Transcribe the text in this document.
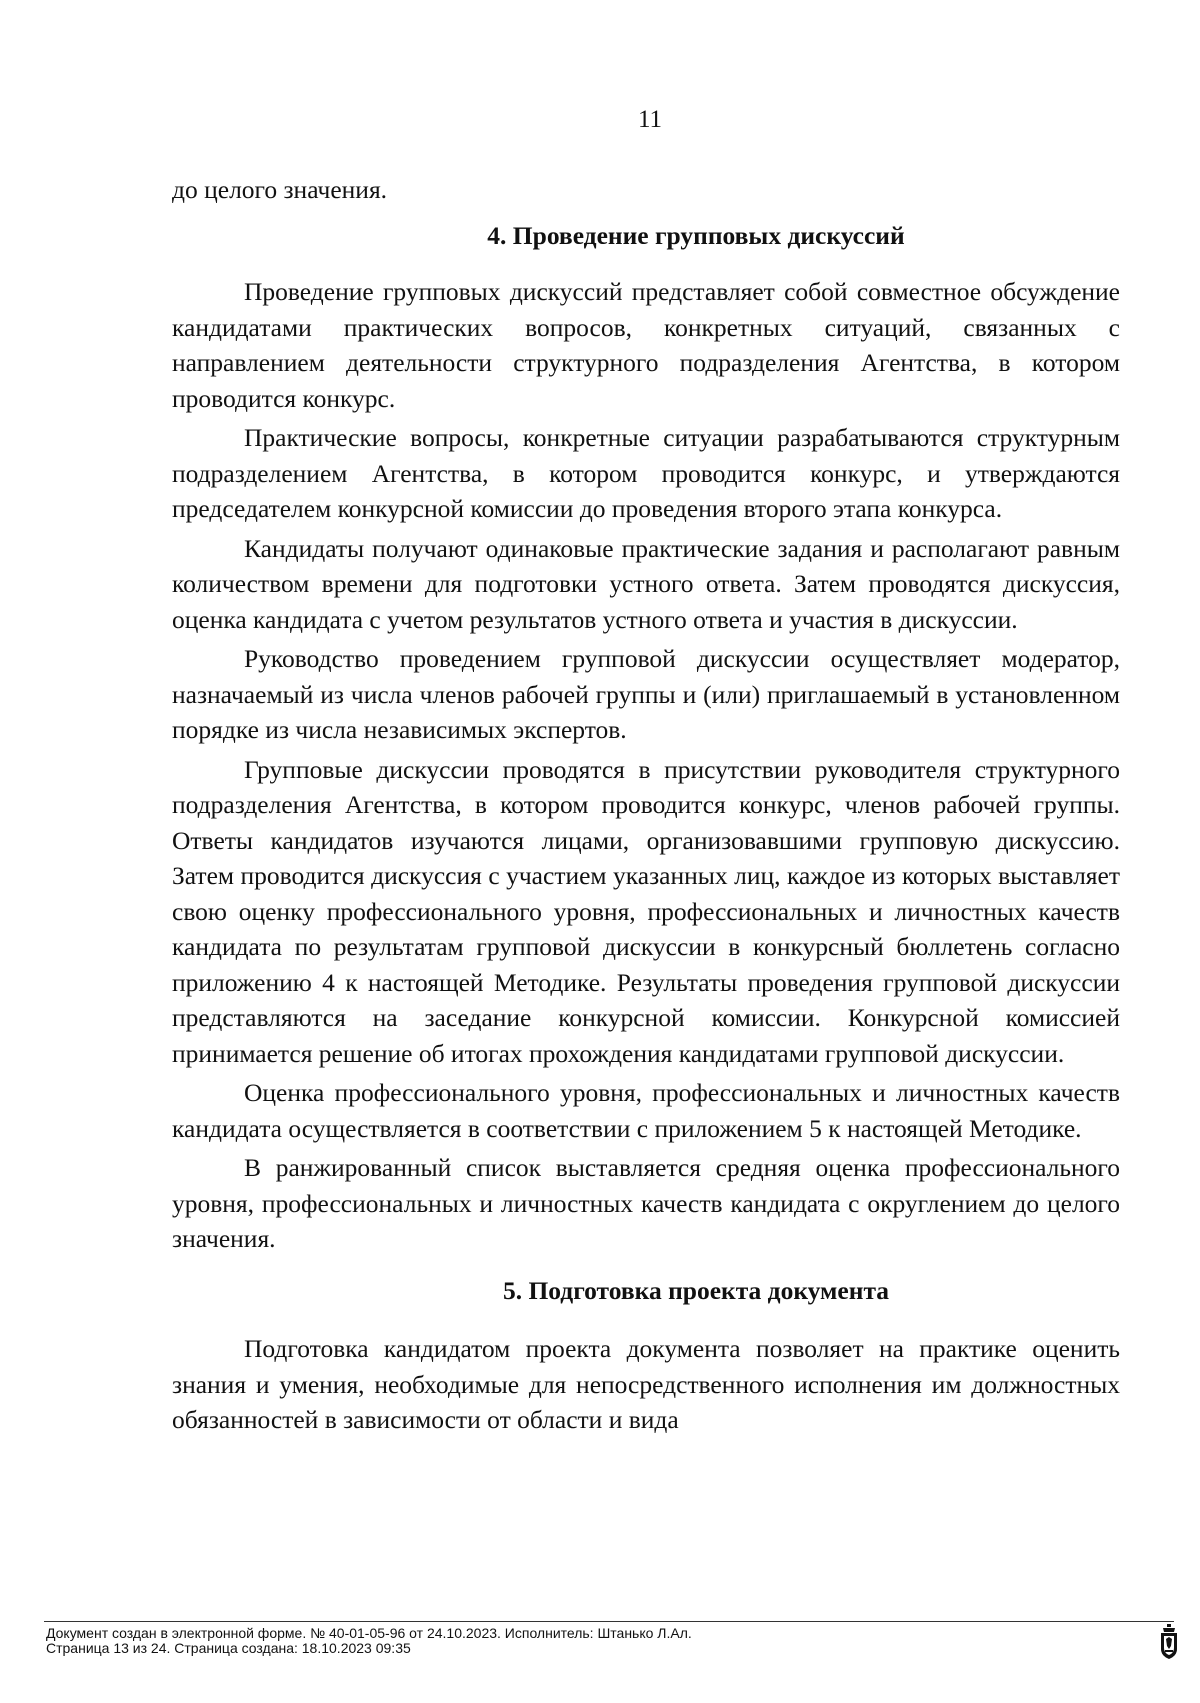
11

до целого значения.

4. Проведение групповых дискуссий

Проведение групповых дискуссий представляет собой совместное обсуждение кандидатами практических вопросов, конкретных ситуаций, связанных с направлением деятельности структурного подразделения Агентства, в котором проводится конкурс.

Практические вопросы, конкретные ситуации разрабатываются структурным подразделением Агентства, в котором проводится конкурс, и утверждаются председателем конкурсной комиссии до проведения второго этапа конкурса.

Кандидаты получают одинаковые практические задания и располагают равным количеством времени для подготовки устного ответа. Затем проводятся дискуссия, оценка кандидата с учетом результатов устного ответа и участия в дискуссии.

Руководство проведением групповой дискуссии осуществляет модератор, назначаемый из числа членов рабочей группы и (или) приглашаемый в установленном порядке из числа независимых экспертов.

Групповые дискуссии проводятся в присутствии руководителя структурного подразделения Агентства, в котором проводится конкурс, членов рабочей группы. Ответы кандидатов изучаются лицами, организовавшими групповую дискуссию. Затем проводится дискуссия с участием указанных лиц, каждое из которых выставляет свою оценку профессионального уровня, профессиональных и личностных качеств кандидата по результатам групповой дискуссии в конкурсный бюллетень согласно приложению 4 к настоящей Методике. Результаты проведения групповой дискуссии представляются на заседание конкурсной комиссии. Конкурсной комиссией принимается решение об итогах прохождения кандидатами групповой дискуссии.

Оценка профессионального уровня, профессиональных и личностных качеств кандидата осуществляется в соответствии с приложением 5 к настоящей Методике.

В ранжированный список выставляется средняя оценка профессионального уровня, профессиональных и личностных качеств кандидата с округлением до целого значения.

5. Подготовка проекта документа

Подготовка кандидатом проекта документа позволяет на практике оценить знания и умения, необходимые для непосредственного исполнения им должностных обязанностей в зависимости от области и вида

Документ создан в электронной форме. № 40-01-05-96 от 24.10.2023. Исполнитель: Штанько Л.Ал.
Страница 13 из 24. Страница создана: 18.10.2023 09:35
